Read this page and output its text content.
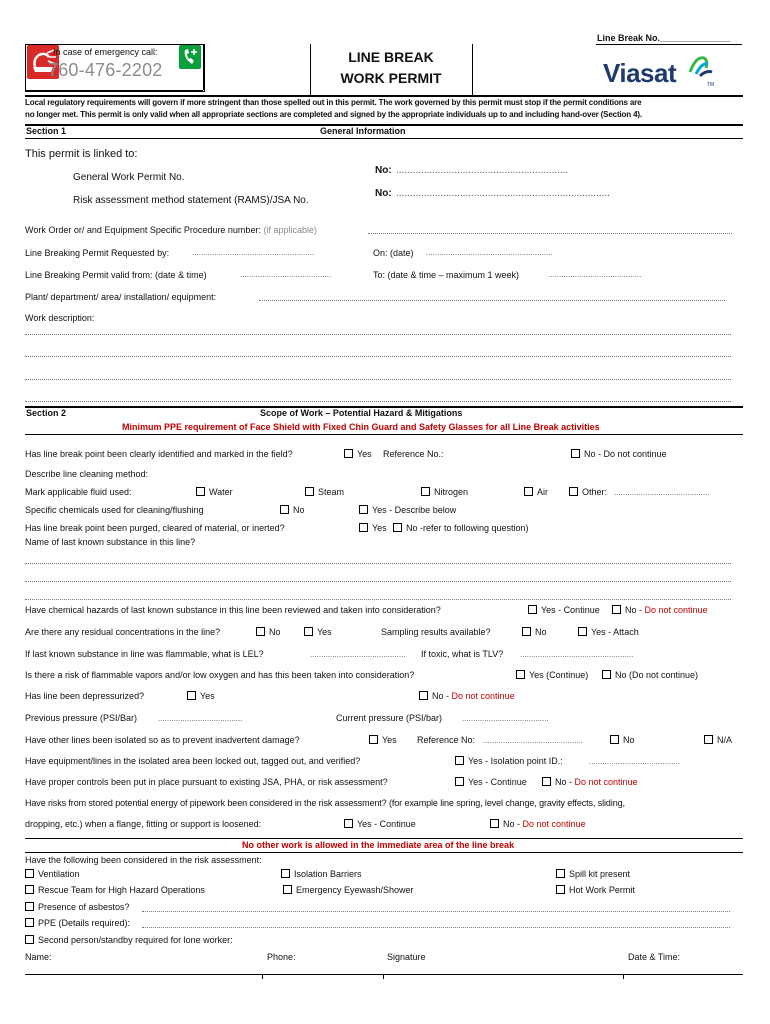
Line Break No.______________
In case of emergency call:
760-476-2202
LINE BREAK
WORK PERMIT	Viasat	TM
Local regulatory requirements will govern if more stringent than those spelled out in this permit. The work governed by this permit must stop if the permit conditions are
no longer met. This permit is only valid when all appropriate sections are completed and signed by the appropriate individuals up to and including hand-over (Section 4).
Section 1	General Information
This permit is linked to:
General Work Permit No.
Risk assessment method statement (RAMS)/JSA No.
No: ..............................................................
No: .............................................................................
Work Order or/ and Equipment Specific Procedure number: (if applicable)
Line Breaking Permit Requested by:	.......................................................	On: (date) .........................................................
Line Breaking Permit valid from: (date & time)	.........................................	To: (date & time – maximum 1 week)	..........................................
Plant/ department/ area/ installation/ equipment:
Work description:
Section 2	Scope of Work – Potential Hazard & Mitigations
Minimum PPE requirement of Face Shield with Fixed Chin Guard and Safety Glasses for all Line Break activities
Has line break point been clearly identified and marked in the field?	Yes Reference No.:	No - Do not continue
Describe line cleaning method:
Mark applicable fluid used:	Water	Steam	Nitrogen	Air	Other: ...........................................
Specific chemicals used for cleaning/flushing	No	Yes - Describe below
Has line break point been purged, cleared of material, or inerted?	Yes	No -refer to following question)
Name of last known substance in this line?
Have chemical hazards of last known substance in this line been reviewed and taken into consideration?	Yes - Continue	No - Do not continue
Are there any residual concentrations in the line?	No	Yes	Sampling results available?	No	Yes - Attach
If last known substance in line was flammable, what is LEL?	........................................... If toxic, what is TLV? ...................................................
Is there a risk of flammable vapors and/or low oxygen and has this been taken into consideration?	Yes (Continue)	No (Do not continue)
Has line been depressurized?	Yes	No - Do not continue
Previous pressure (PSI/Bar)	......................................	Current pressure (PSI/bar) .......................................
Have other lines been isolated so as to prevent inadvertent damage?	Yes Reference No: .............................................	No	N/A
Have equipment/lines in the isolated area been locked out, tagged out, and verified?	Yes - Isolation point ID.:	.........................................
Have proper controls been put in place pursuant to existing JSA, PHA, or risk assessment?	Yes - Continue	No - Do not continue
Have risks from stored potential energy of pipework been considered in the risk assessment? (for example line spring, level change, gravity effects, sliding,
dropping, etc.) when a flange, fitting or support is loosened:	Yes - Continue	No - Do not continue
No other work is allowed in the immediate area of the line break
Have the following been considered in the risk assessment:
Ventilation	Isolation Barriers	Spill kit present
Rescue Team for High Hazard Operations	Emergency Eyewash/Shower	Hot Work Permit
Presence of asbestos?
PPE (Details required):
Second person/standby required for lone worker:
Name:	Phone:	Signature	Date & Time:
